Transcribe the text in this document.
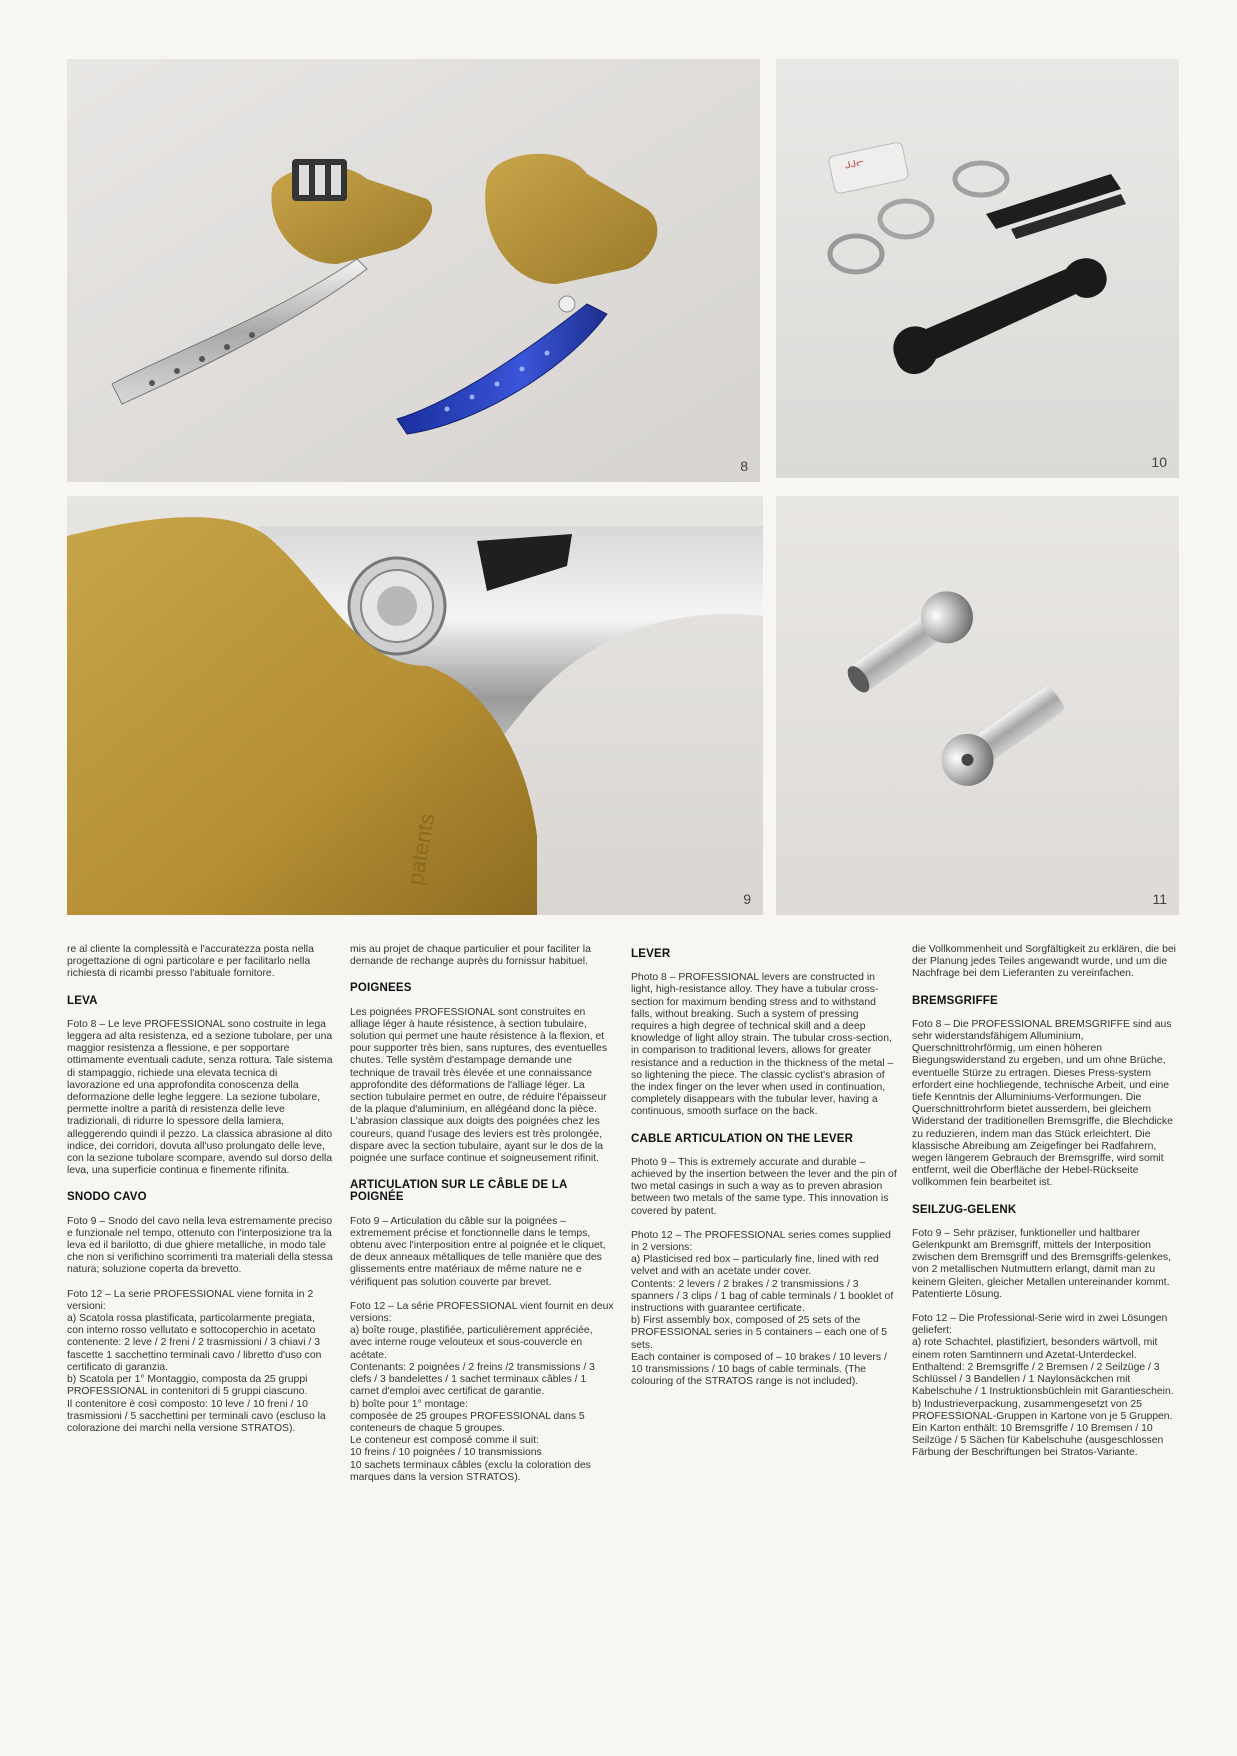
8
ᒍᒍᓕ
10
patents
9	11

re al cliente la complessità e l'accuratezza posta nella progettazione di ogni particolare e per facilitarlo nella richiesta di ricambi presso l'abituale fornitore.

LEVA

Foto 8 – Le leve PROFESSIONAL sono costruite in lega leggera ad alta resistenza, ed a sezione tubolare, per una maggior resistenza a flessione, e per sopportare ottimamente eventuali cadute, senza rottura. Tale sistema di stampaggio, richiede una elevata tecnica di lavorazione ed una approfondita conoscenza della deformazione delle leghe leggere. La sezione tubolare, permette inoltre a parità di resistenza delle leve tradizionali, di ridurre lo spessore della lamiera, alleggerendo quindi il pezzo. La classica abrasione al dito indice, dei corridori, dovuta all'uso prolungato delle leve, con la sezione tubolare scompare, avendo sul dorso della leva, una superficie continua e finemente rifinita.

SNODO CAVO

Foto 9 – Snodo del cavo nella leva estremamente preciso e funzionale nel tempo, ottenuto con l'interposizione tra la leva ed il barilotto, di due ghiere metalliche, in modo tale che non si verifichino scorrimenti tra materiali della stessa natura; soluzione coperta da brevetto.

Foto 12 – La serie PROFESSIONAL viene fornita in 2 versioni:
a) Scatola rossa plastificata, particolarmente pregiata, con interno rosso vellutato e sottocoperchio in acetato contenente: 2 leve / 2 freni / 2 trasmissioni / 3 chiavi / 3 fascette 1 sacchettino terminali cavo / libretto d'uso con certificato di garanzia.
b) Scatola per 1° Montaggio, composta da 25 gruppi PROFESSIONAL in contenitori di 5 gruppi ciascuno.
Il contenitore è così composto: 10 leve / 10 freni / 10 trasmissioni / 5 sacchettini per terminali cavo (escluso la colorazione dei marchi nella versione STRATOS).

mis au projet de chaque particulier et pour faciliter la demande de rechange auprès du fornissur habituel.

POIGNEES

Les poignées PROFESSIONAL sont construites en alliage léger à haute résistence, à section tubulaire, solution qui permet une haute résistence à la flexion, et pour supporter très bien, sans ruptures, des eventuelles chutes. Telle systèm d'estampage demande une technique de travail très élevée et une connaissance approfondite des déformations de l'alliage léger. La section tubulaire permet en outre, de réduire l'épaisseur de la plaque d'aluminium, en allégéand donc la pièce. L'abrasion classique aux doigts des poignées chez les coureurs, quand l'usage des leviers est très prolongée, dispare avec la section tubulaire, ayant sur le dos de la poignée une surface continue et soigneusement rifinit.

ARTICULATION SUR LE CÂBLE DE LA POIGNÉE

Foto 9 – Articulation du câble sur la poignées – extremement précise et fonctionnelle dans le temps, obtenu avec l'interposition entre al poignée et le cliquet, de deux anneaux métalliques de telle manière que des glissements entre matériaux de même nature ne e vérifiquent pas solution couverte par brevet.

Foto 12 – La série PROFESSIONAL vient fournit en deux versions:
a) boîte rouge, plastifiée, particulièrement appréciée, avec interne rouge velouteux et sous-couvercle en acétate.
Contenants: 2 poignées / 2 freins /2 transmissions / 3 clefs / 3 bandelettes / 1 sachet terminaux câbles / 1 carnet d'emploi avec certificat de garantie.
b) boîte pour 1° montage:
composée de 25 groupes PROFESSIONAL dans 5 conteneurs de chaque 5 groupes.
Le conteneur est composé comme il suit:
10 freins / 10 poignées / 10 transmissions
10 sachets terminaux câbles (exclu la coloration des marques dans la version STRATOS).

LEVER

Photo 8 – PROFESSIONAL levers are constructed in light, high-resistance alloy. They have a tubular cross-section for maximum bending stress and to withstand falls, without breaking. Such a system of pressing requires a high degree of technical skill and a deep knowledge of light alloy strain. The tubular cross-section, in comparison to traditional levers, allows for greater resistance and a reduction in the thickness of the metal – so lightening the piece. The classic cyclist's abrasion of the index finger on the lever when used in continuation, completely disappears with the tubular lever, having a continuous, smooth surface on the back.

CABLE ARTICULATION ON THE LEVER

Photo 9 – This is extremely accurate and durable – achieved by the insertion between the lever and the pin of two metal casings in such a way as to preven abrasion between two metals of the same type. This innovation is covered by patent.

Photo 12 – The PROFESSIONAL series comes supplied in 2 versions:
a) Plasticised red box – particularly fine, lined with red velvet and with an acetate under cover.
Contents: 2 levers / 2 brakes / 2 transmissions / 3 spanners / 3 clips / 1 bag of cable terminals / 1 booklet of instructions with guarantee certificate.
b) First assembly box, composed of 25 sets of the PROFESSIONAL series in 5 containers – each one of 5 sets.
Each container is composed of – 10 brakes / 10 levers / 10 transmissions / 10 bags of cable terminals. (The colouring of the STRATOS range is not included).

die Vollkommenheit und Sorgfältigkeit zu erklären, die bei der Planung jedes Teiles angewandt wurde, und um die Nachfrage bei dem Lieferanten zu vereinfachen.

BREMSGRIFFE

Foto 8 – Die PROFESSIONAL BREMSGRIFFE sind aus sehr widerstandsfähigem Alluminium, Querschnittrohrförmig, um einen höheren Biegungswiderstand zu ergeben, und um ohne Brüche, eventuelle Stürze zu ertragen. Dieses Press-system erfordert eine hochliegende, technische Arbeit, und eine tiefe Kenntnis der Alluminiums-Verformungen. Die Querschnittrohrform bietet ausserdem, bei gleichem Widerstand der traditionellen Bremsgriffe, die Blechdicke zu reduzieren, indem man das Stück erleichtert. Die klassische Abreibung am Zeigefinger bei Radfahrern, wegen längerem Gebrauch der Bremsgriffe, wird somit entfernt, weil die Oberfläche der Hebel-Rückseite vollkommen fein bearbeitet ist.

SEILZUG-GELENK

Foto 9 – Sehr präziser, funktioneller und haltbarer Gelenkpunkt am Bremsgriff, mittels der Interposition zwischen dem Bremsgriff und des Bremsgriffs-gelenkes, von 2 metallischen Nutmuttern erlangt, damit man zu keinem Gleiten, gleicher Metallen untereinander kommt. Patentierte Lösung.

Foto 12 – Die Professional-Serie wird in zwei Lösungen geliefert:
a) rote Schachtel, plastifiziert, besonders wärtvoll, mit einem roten Samtinnern und Azetat-Unterdeckel.
Enthaltend: 2 Bremsgriffe / 2 Bremsen / 2 Seilzüge / 3 Schlüssel / 3 Bandellen / 1 Naylonsäckchen mit Kabelschuhe / 1 Instruktionsbüchlein mit Garantieschein.
b) Industrieverpackung, zusammengesetzt von 25 PROFESSIONAL-Gruppen in Kartone von je 5 Gruppen.
Ein Karton enthält: 10 Bremsgriffe / 10 Bremsen / 10 Seilzüge / 5 Sächen für Kabelschuhe (ausgeschlossen Färbung der Beschriftungen bei Stratos-Variante.
